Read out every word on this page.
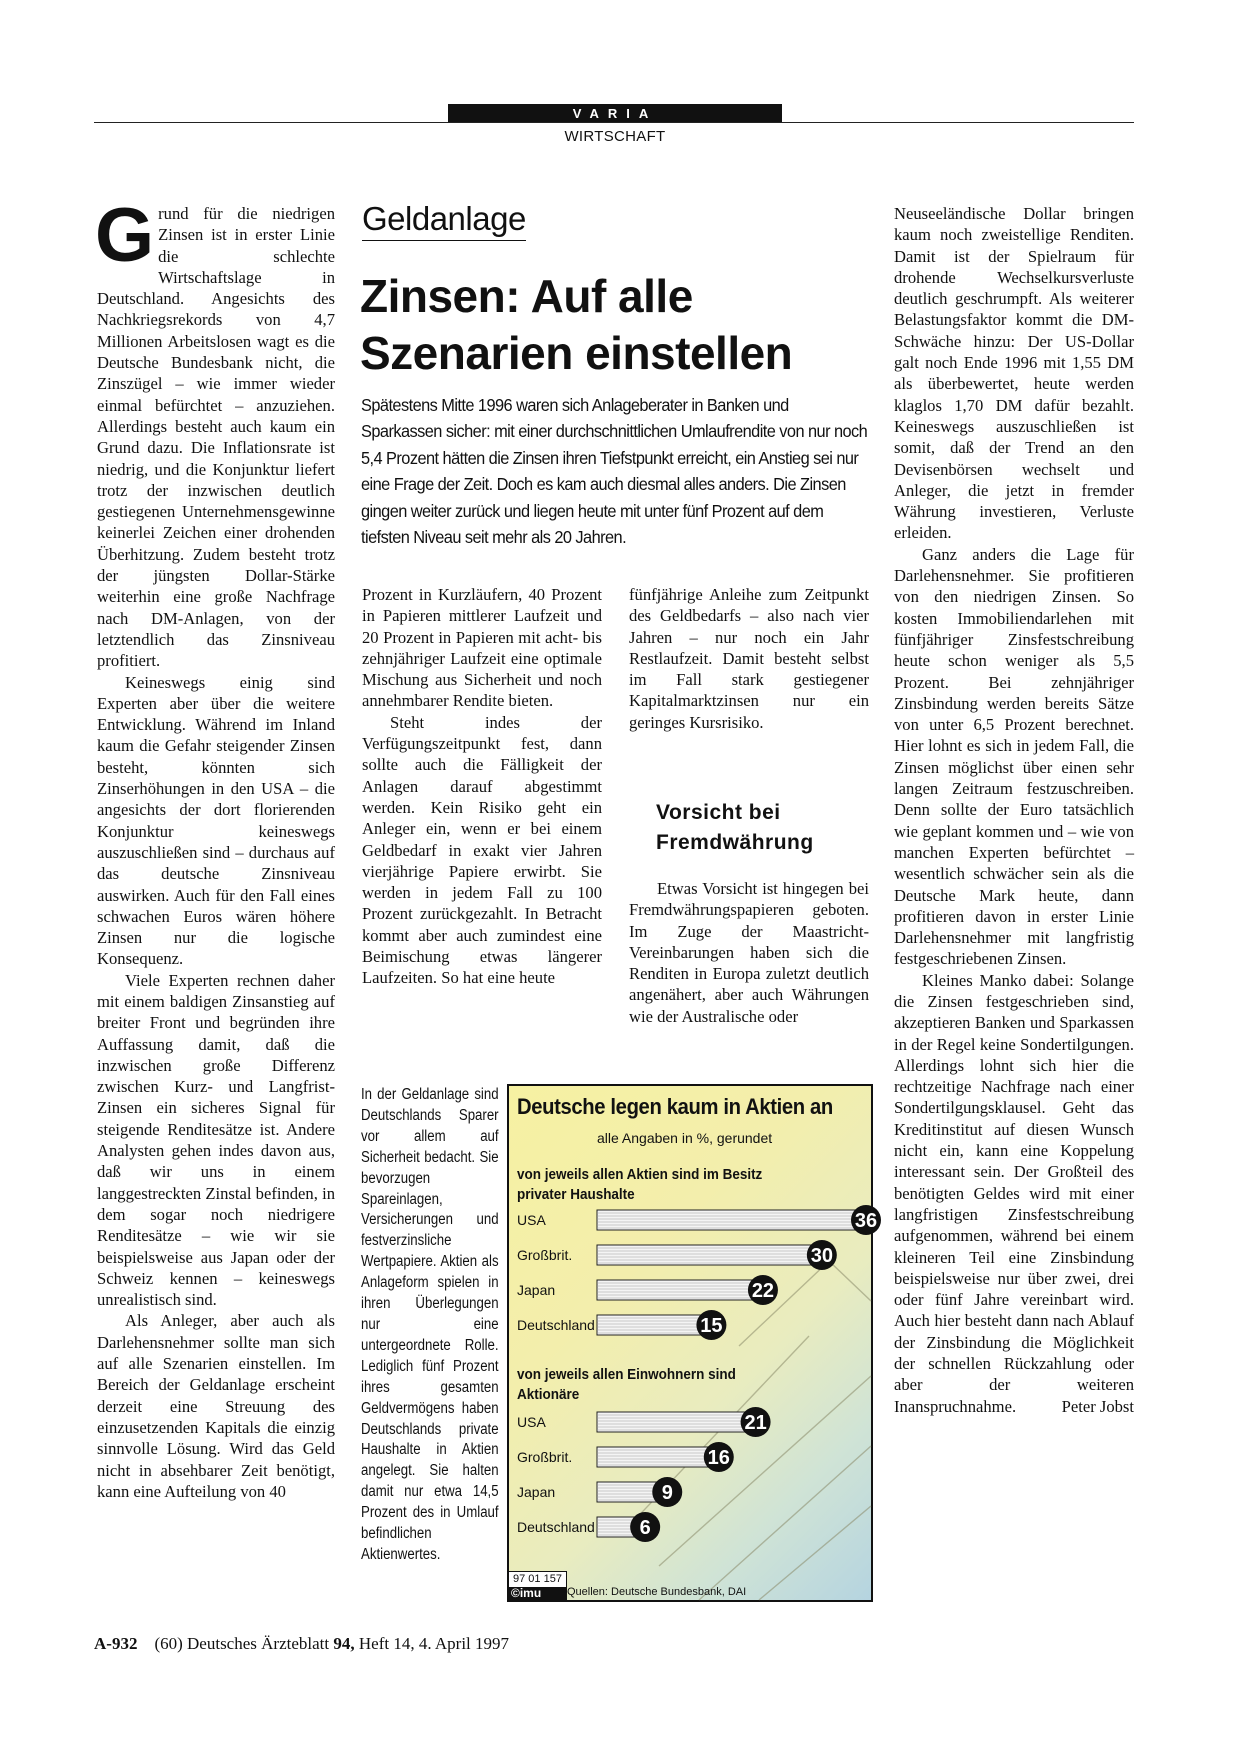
VARIA
WIRTSCHAFT

Grund für die niedrigen Zinsen ist in erster Linie die schlechte Wirtschaftslage in Deutschland. Angesichts des Nachkriegsrekords von 4,7 Millionen Arbeitslosen wagt es die Deutsche Bundesbank nicht, die Zinszügel – wie immer wieder einmal befürchtet – anzuziehen. Allerdings besteht auch kaum ein Grund dazu. Die Inflationsrate ist niedrig, und die Konjunktur liefert trotz der inzwischen deutlich gestiegenen Unternehmensgewinne keinerlei Zeichen einer drohenden Überhitzung. Zudem besteht trotz der jüngsten Dollar-Stärke weiterhin eine große Nachfrage nach DM-Anlagen, von der letztendlich das Zinsniveau profitiert.

Keineswegs einig sind Experten aber über die weitere Entwicklung. Während im Inland kaum die Gefahr steigender Zinsen besteht, könnten sich Zinserhöhungen in den USA – die angesichts der dort florierenden Konjunktur keineswegs auszuschließen sind – durchaus auf das deutsche Zinsniveau auswirken. Auch für den Fall eines schwachen Euros wären höhere Zinsen nur die logische Konsequenz.

Viele Experten rechnen daher mit einem baldigen Zinsanstieg auf breiter Front und begründen ihre Auffassung damit, daß die inzwischen große Differenz zwischen Kurz- und Langfrist-Zinsen ein sicheres Signal für steigende Renditesätze ist. Andere Analysten gehen indes davon aus, daß wir uns in einem langgestreckten Zinstal befinden, in dem sogar noch niedrigere Renditesätze – wie wir sie beispielsweise aus Japan oder der Schweiz kennen – keineswegs unrealistisch sind.

Als Anleger, aber auch als Darlehensnehmer sollte man sich auf alle Szenarien einstellen. Im Bereich der Geldanlage erscheint derzeit eine Streuung des einzusetzenden Kapitals die einzig sinnvolle Lösung. Wird das Geld nicht in absehbarer Zeit benötigt, kann eine Aufteilung von 40

Geldanlage
Zinsen: Auf alle Szenarien einstellen
Spätestens Mitte 1996 waren sich Anlageberater in Banken und Sparkassen sicher: mit einer durchschnittlichen Umlaufrendite von nur noch 5,4 Prozent hätten die Zinsen ihren Tiefstpunkt erreicht, ein Anstieg sei nur eine Frage der Zeit. Doch es kam auch diesmal alles anders. Die Zinsen gingen weiter zurück und liegen heute mit unter fünf Prozent auf dem tiefsten Niveau seit mehr als 20 Jahren.

Prozent in Kurzläufern, 40 Prozent in Papieren mittlerer Laufzeit und 20 Prozent in Papieren mit acht- bis zehnjähriger Laufzeit eine optimale Mischung aus Sicherheit und noch annehmbarer Rendite bieten.

Steht indes der Verfügungszeitpunkt fest, dann sollte auch die Fälligkeit der Anlagen darauf abgestimmt werden. Kein Risiko geht ein Anleger ein, wenn er bei einem Geldbedarf in exakt vier Jahren vierjährige Papiere erwirbt. Sie werden in jedem Fall zu 100 Prozent zurückgezahlt. In Betracht kommt aber auch zumindest eine Beimischung etwas längerer Laufzeiten. So hat eine heute

fünfjährige Anleihe zum Zeitpunkt des Geldbedarfs – also nach vier Jahren – nur noch ein Jahr Restlaufzeit. Damit besteht selbst im Fall stark gestiegener Kapitalmarktzinsen nur ein geringes Kursrisiko.

Vorsicht bei Fremdwährung

Etwas Vorsicht ist hingegen bei Fremdwährungspapieren geboten. Im Zuge der Maastricht-Vereinbarungen haben sich die Renditen in Europa zuletzt deutlich angenähert, aber auch Währungen wie der Australische oder

Neuseeländische Dollar bringen kaum noch zweistellige Renditen. Damit ist der Spielraum für drohende Wechselkursverluste deutlich geschrumpft. Als weiterer Belastungsfaktor kommt die DM-Schwäche hinzu: Der US-Dollar galt noch Ende 1996 mit 1,55 DM als überbewertet, heute werden klaglos 1,70 DM dafür bezahlt. Keineswegs auszuschließen ist somit, daß der Trend an den Devisenbörsen wechselt und Anleger, die jetzt in fremder Währung investieren, Verluste erleiden.

Ganz anders die Lage für Darlehensnehmer. Sie profitieren von den niedrigen Zinsen. So kosten Immobiliendarlehen mit fünfjähriger Zinsfestschreibung heute schon weniger als 5,5 Prozent. Bei zehnjähriger Zinsbindung werden bereits Sätze von unter 6,5 Prozent berechnet. Hier lohnt es sich in jedem Fall, die Zinsen möglichst über einen sehr langen Zeitraum festzuschreiben. Denn sollte der Euro tatsächlich wie geplant kommen und – wie von manchen Experten befürchtet – wesentlich schwächer sein als die Deutsche Mark heute, dann profitieren davon in erster Linie Darlehensnehmer mit langfristig festgeschriebenen Zinsen.

Kleines Manko dabei: Solange die Zinsen festgeschrieben sind, akzeptieren Banken und Sparkassen in der Regel keine Sondertilgungen. Allerdings lohnt sich hier die rechtzeitige Nachfrage nach einer Sondertilgungsklausel. Geht das Kreditinstitut auf diesen Wunsch nicht ein, kann eine Koppelung interessant sein. Der Großteil des benötigten Geldes wird mit einer langfristigen Zinsfestschreibung aufgenommen, während bei einem kleineren Teil eine Zinsbindung beispielsweise nur über zwei, drei oder fünf Jahre vereinbart wird. Auch hier besteht dann nach Ablauf der Zinsbindung die Möglichkeit der schnellen Rückzahlung oder aber der weiteren Inanspruchnahme.	Peter Jobst

In der Geldanlage sind Deutschlands Sparer vor allem auf Sicherheit bedacht. Sie bevorzugen Spareinlagen, Versicherungen und festverzinsliche Wertpapiere. Aktien als Anlageform spielen in ihren Überlegungen nur eine untergeordnete Rolle. Lediglich fünf Prozent ihres gesamten Geldvermögens haben Deutschlands private Haushalte in Aktien angelegt. Sie halten damit nur etwa 14,5 Prozent des in Umlauf befindlichen Aktienwertes.
36
30
22
15
21
16
9
6
Deutsche legen kaum in Aktien an
alle Angaben in %, gerundet
von jeweils allen Aktien sind im Besitz privater Haushalte
von jeweils allen Einwohnern sind Aktionäre
USA
Großbrit.
Japan
Deutschland
USA
Großbrit.
Japan
Deutschland
97 01 157
©imu	Quellen: Deutsche Bundesbank, DAI
A-932 (60) Deutsches Ärzteblatt 94, Heft 14, 4. April 1997
